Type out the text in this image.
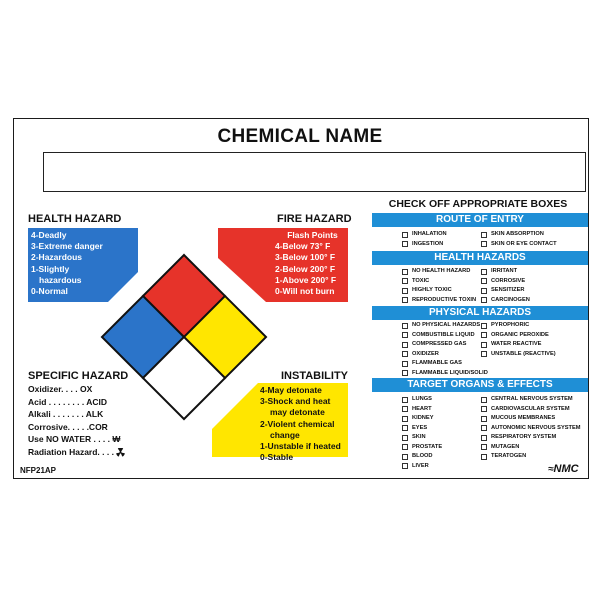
CHEMICAL NAME
HEALTH HAZARD
4-Deadly
3-Extreme danger
2-Hazardous
1-Slightly
hazardous
0-Normal
FIRE HAZARD
Flash Points
4-Below 73° F
3-Below 100° F
2-Below 200° F
1-Above 200° F
0-Will not burn
SPECIFIC HAZARD
Oxidizer. . . . OX
Acid . . . . . . . . ACID
Alkali . . . . . . . ALK
Corrosive. . . . .COR
Use NO WATER . . . . ₩
Radiation Hazard. . . .
INSTABILITY
4-May detonate
3-Shock and heat
may detonate
2-Violent chemical
change
1-Unstable if heated
0-Stable
CHECK OFF APPROPRIATE BOXES
ROUTE OF ENTRY
INHALATION
INGESTION
SKIN ABSORPTION
SKIN OR EYE CONTACT
HEALTH HAZARDS
NO HEALTH HAZARD
TOXIC
HIGHLY TOXIC
REPRODUCTIVE TOXIN
IRRITANT
CORROSIVE
SENSITIZER
CARCINOGEN
PHYSICAL HAZARDS
NO PHYSICAL HAZARDS
COMBUSTIBLE LIQUID
COMPRESSED GAS
OXIDIZER
FLAMMABLE GAS
FLAMMABLE LIQUID/SOLID
PYROPHORIC
ORGANIC PEROXIDE
WATER REACTIVE
UNSTABLE (REACTIVE)
TARGET ORGANS & EFFECTS
LUNGS
HEART
KIDNEY
EYES
SKIN
PROSTATE
BLOOD
LIVER
CENTRAL NERVOUS SYSTEM
CARDIOVASCULAR SYSTEM
MUCOUS MEMBRANES
AUTONOMIC NERVOUS SYSTEM
RESPIRATORY SYSTEM
MUTAGEN
TERATOGEN
NFP21AP	≈NMC
